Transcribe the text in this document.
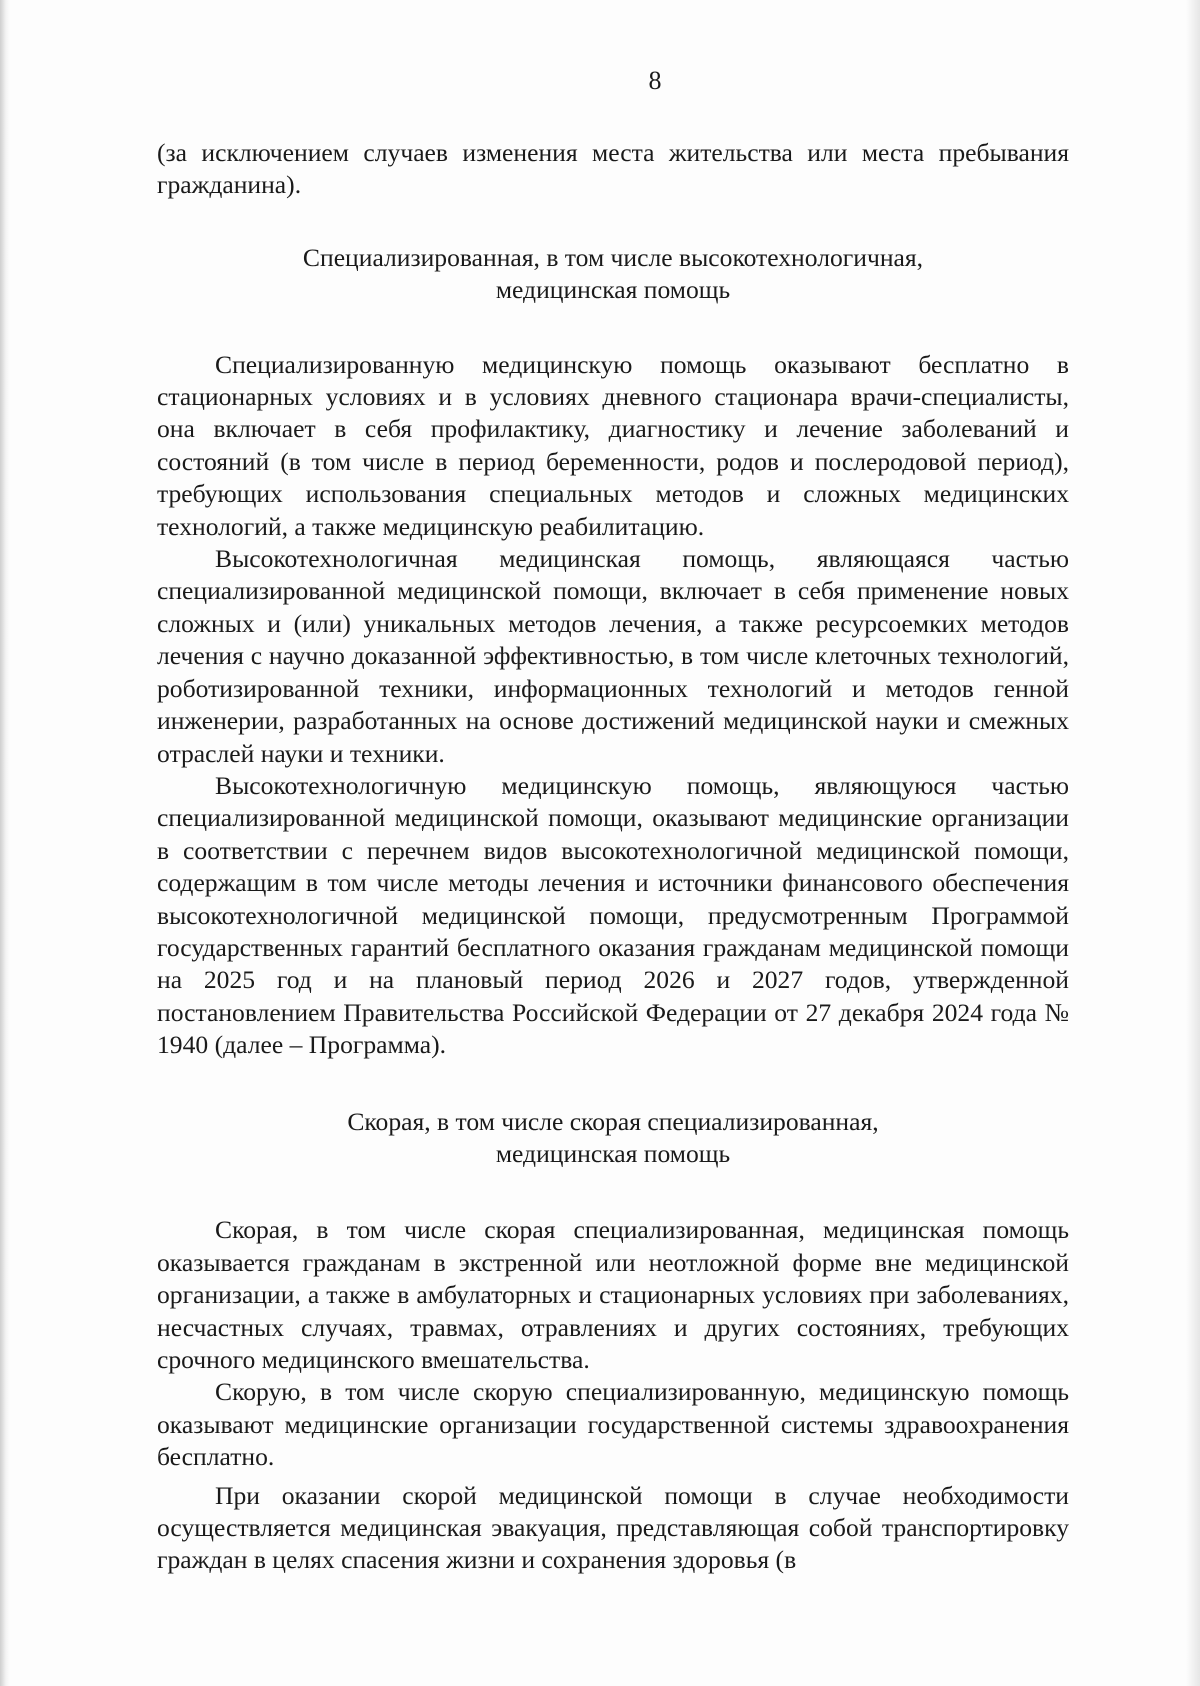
8

(за исключением случаев изменения места жительства или места пребывания гражданина).

Специализированная, в том числе высокотехнологичная,
медицинская помощь

Специализированную медицинскую помощь оказывают бесплатно в стационарных условиях и в условиях дневного стационара врачи-специалисты, она включает в себя профилактику, диагностику и лечение заболеваний и состояний (в том числе в период беременности, родов и послеродовой период), требующих использования специальных методов и сложных медицинских технологий, а также медицинскую реабилитацию.

Высокотехнологичная медицинская помощь, являющаяся частью специализированной медицинской помощи, включает в себя применение новых сложных и (или) уникальных методов лечения, а также ресурсоемких методов лечения с научно доказанной эффективностью, в том числе клеточных технологий, роботизированной техники, информационных технологий и методов генной инженерии, разработанных на основе достижений медицинской науки и смежных отраслей науки и техники.

Высокотехнологичную медицинскую помощь, являющуюся частью специализированной медицинской помощи, оказывают медицинские организации в соответствии с перечнем видов высокотехнологичной медицинской помощи, содержащим в том числе методы лечения и источники финансового обеспечения высокотехнологичной медицинской помощи, предусмотренным Программой государственных гарантий бесплатного оказания гражданам медицинской помощи на 2025 год и на плановый период 2026 и 2027 годов, утвержденной постановлением Правительства Российской Федерации от 27 декабря 2024 года № 1940 (далее – Программа).

Скорая, в том числе скорая специализированная,
медицинская помощь

Скорая, в том числе скорая специализированная, медицинская помощь оказывается гражданам в экстренной или неотложной форме вне медицинской организации, а также в амбулаторных и стационарных условиях при заболеваниях, несчастных случаях, травмах, отравлениях и других состояниях, требующих срочного медицинского вмешательства.

Скорую, в том числе скорую специализированную, медицинскую помощь оказывают медицинские организации государственной системы здравоохранения бесплатно.

При оказании скорой медицинской помощи в случае необходимости осуществляется медицинская эвакуация, представляющая собой транспортировку граждан в целях спасения жизни и сохранения здоровья (в
